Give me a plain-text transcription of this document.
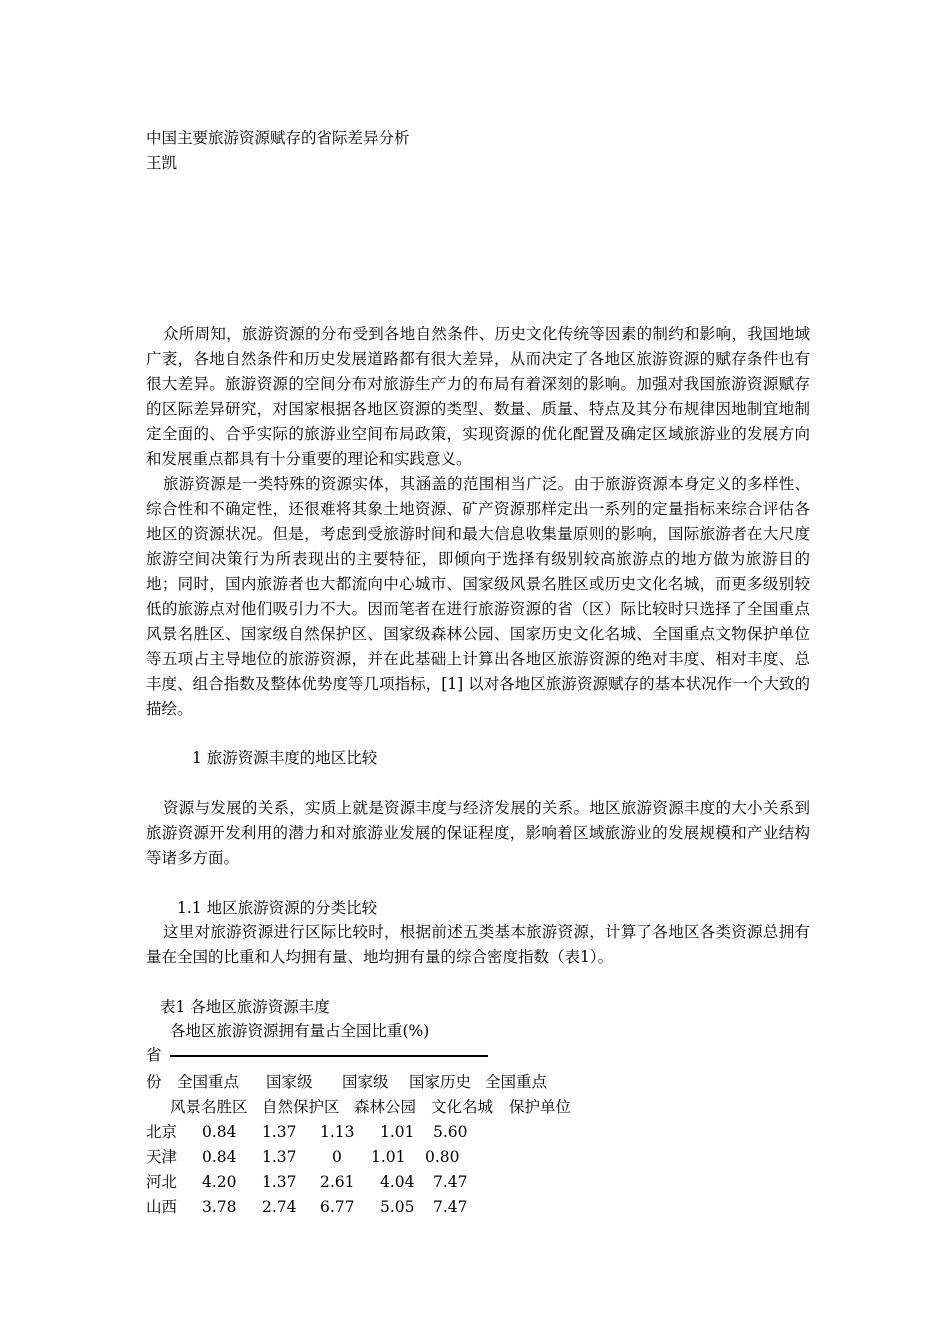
中国主要旅游资源赋存的省际差异分析
王凯

众所周知，旅游资源的分布受到各地自然条件、历史文化传统等因素的制约和影响，我国地域广袤，各地自然条件和历史发展道路都有很大差异，从而决定了各地区旅游资源的赋存条件也有很大差异。旅游资源的空间分布对旅游生产力的布局有着深刻的影响。加强对我国旅游资源赋存的区际差异研究，对国家根据各地区资源的类型、数量、质量、特点及其分布规律因地制宜地制定全面的、合乎实际的旅游业空间布局政策，实现资源的优化配置及确定区域旅游业的发展方向和发展重点都具有十分重要的理论和实践意义。

旅游资源是一类特殊的资源实体，其涵盖的范围相当广泛。由于旅游资源本身定义的多样性、综合性和不确定性，还很难将其象土地资源、矿产资源那样定出一系列的定量指标来综合评估各地区的资源状况。但是，考虑到受旅游时间和最大信息收集量原则的影响，国际旅游者在大尺度旅游空间决策行为所表现出的主要特征，即倾向于选择有级别较高旅游点的地方做为旅游目的地；同时，国内旅游者也大都流向中心城市、国家级风景名胜区或历史文化名城，而更多级别较低的旅游点对他们吸引力不大。因而笔者在进行旅游资源的省（区）际比较时只选择了全国重点风景名胜区、国家级自然保护区、国家级森林公园、国家历史文化名城、全国重点文物保护单位等五项占主导地位的旅游资源，并在此基础上计算出各地区旅游资源的绝对丰度、相对丰度、总丰度、组合指数及整体优势度等几项指标，[1] 以对各地区旅游资源赋存的基本状况作一个大致的描绘。

1 旅游资源丰度的地区比较

资源与发展的关系，实质上就是资源丰度与经济发展的关系。地区旅游资源丰度的大小关系到旅游资源开发利用的潜力和对旅游业发展的保证程度，影响着区域旅游业的发展规模和产业结构等诸多方面。

1.1 地区旅游资源的分类比较

这里对旅游资源进行区际比较时，根据前述五类基本旅游资源，计算了各地区各类资源总拥有量在全国的比重和人均拥有量、地均拥有量的综合密度指数（表1）。

表1 各地区旅游资源丰度
各地区旅游资源拥有量占全国比重(%)
省
份 全国重点 国家级 国家级 国家历史 全国重点
风景名胜区 自然保护区 森林公园 文化名城 保护单位
北京 0.84 1.37 1.13 1.01 5.60
天津 0.84 1.37 0 1.01 0.80
河北 4.20 1.37 2.61 4.04 7.47
山西 3.78 2.74 6.77 5.05 7.47
